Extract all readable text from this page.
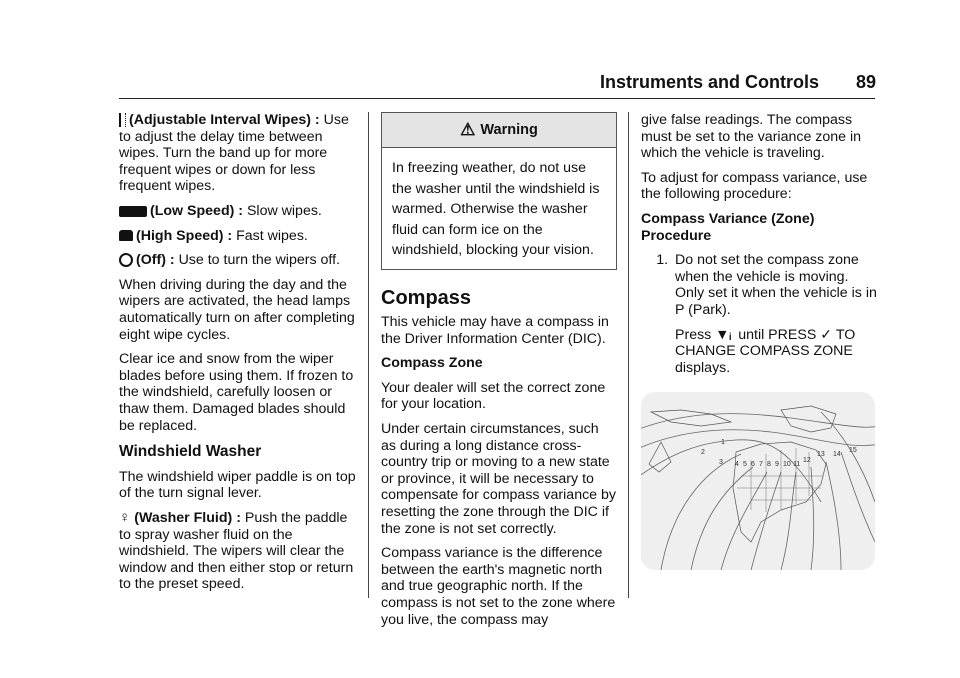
Instruments and Controls 89

(Adjustable Interval Wipes) : Use to adjust the delay time between wipes. Turn the band up for more frequent wipes or down for less frequent wipes.

(Low Speed) : Slow wipes.

(High Speed) : Fast wipes.

(Off) : Use to turn the wipers off.

When driving during the day and the wipers are activated, the head lamps automatically turn on after completing eight wipe cycles.

Clear ice and snow from the wiper blades before using them. If frozen to the windshield, carefully loosen or thaw them. Damaged blades should be replaced.

Windshield Washer

The windshield wiper paddle is on top of the turn signal lever.

♀ (Washer Fluid) : Push the paddle to spray washer fluid on the windshield. The wipers will clear the window and then either stop or return to the preset speed.

⚠ Warning
In freezing weather, do not use the washer until the windshield is warmed. Otherwise the washer fluid can form ice on the windshield, blocking your vision.
Compass

This vehicle may have a compass in the Driver Information Center (DIC).

Compass Zone

Your dealer will set the correct zone for your location.

Under certain circumstances, such as during a long distance cross-country trip or moving to a new state or province, it will be necessary to compensate for compass variance by resetting the zone through the DIC if the zone is not set correctly.

Compass variance is the difference between the earth's magnetic north and true geographic north. If the compass is not set to the zone where you live, the compass may

give false readings. The compass must be set to the variance zone in which the vehicle is traveling.

To adjust for compass variance, use the following procedure:

Compass Variance (Zone) Procedure

1. Do not set the compass zone when the vehicle is moving. Only set it when the vehicle is in P (Park).

Press ▼ᵢ until PRESS ✓ TO
CHANGE COMPASS ZONE displays.

1
2
3 4 5 6 7 8 9 10 11
12
13 14
15
